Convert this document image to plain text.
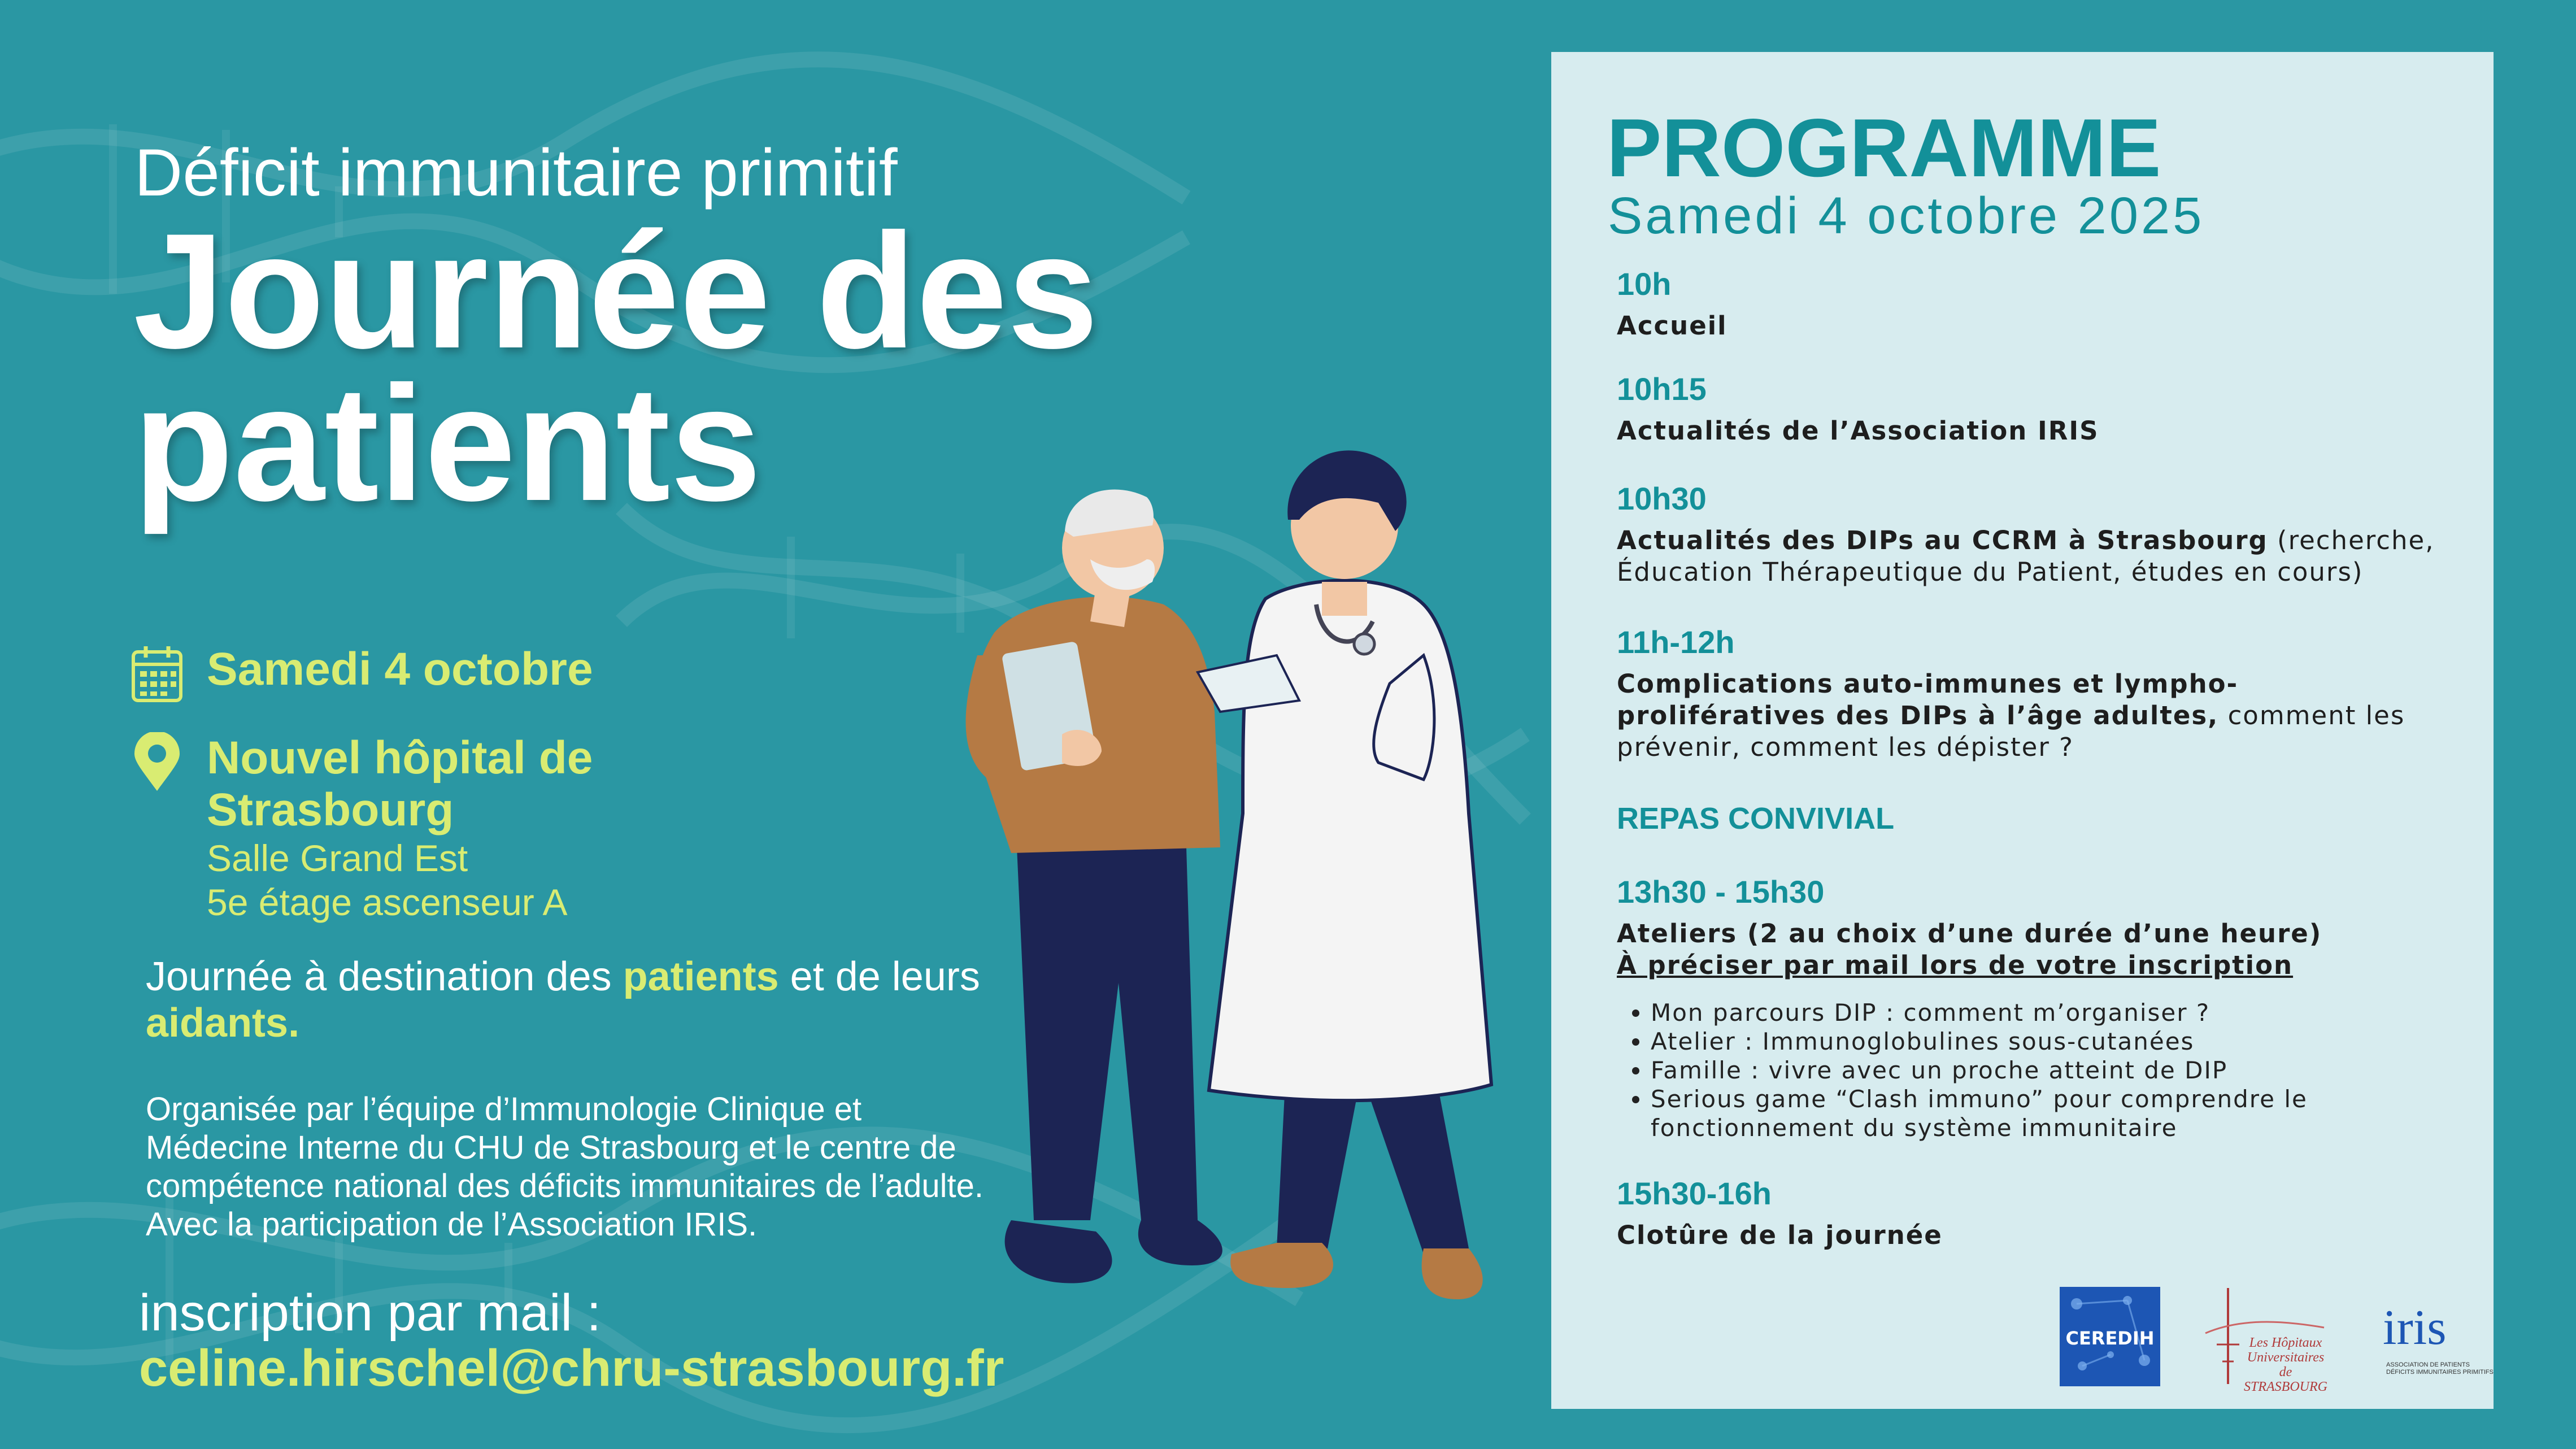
Déficit immunitaire primitif
Journée des
patients
Samedi 4 octobre
Nouvel hôpital de
Strasbourg
Salle Grand Est
5e étage ascenseur A
Journée à destination des patients et de leurs aidants.
Organisée par l’équipe d’Immunologie Clinique et Médecine Interne du CHU de Strasbourg et le centre de compétence national des déficits immunitaires de l’adulte. Avec la participation de l’Association IRIS.
inscription par mail :
celine.hirschel@chru-strasbourg.fr
PROGRAMME
Samedi 4 octobre 2025
10h
Accueil
10h15
Actualités de l’Association IRIS
10h30
Actualités des DIPs au CCRM à Strasbourg (recherche, Éducation Thérapeutique du Patient, études en cours)
11h-12h
Complications auto-immunes et lympho-prolifératives des DIPs à l’âge adultes, comment les prévenir, comment les dépister ?
REPAS CONVIVIAL
13h30 - 15h30
Ateliers (2 au choix d’une durée d’une heure)
À préciser par mail lors de votre inscription
• Mon parcours DIP : comment m’organiser ?
• Atelier : Immunoglobulines sous-cutanées
• Famille : vivre avec un proche atteint de DIP
• Serious game “Clash immuno” pour comprendre le fonctionnement du système immunitaire
15h30-16h
Clotûre de la journée
CEREDIH	Les Hôpitaux Universitaires de STRASBOURG
iris
ASSOCIATION DE PATIENTS DÉFICITS IMMUNITAIRES PRIMITIFS
